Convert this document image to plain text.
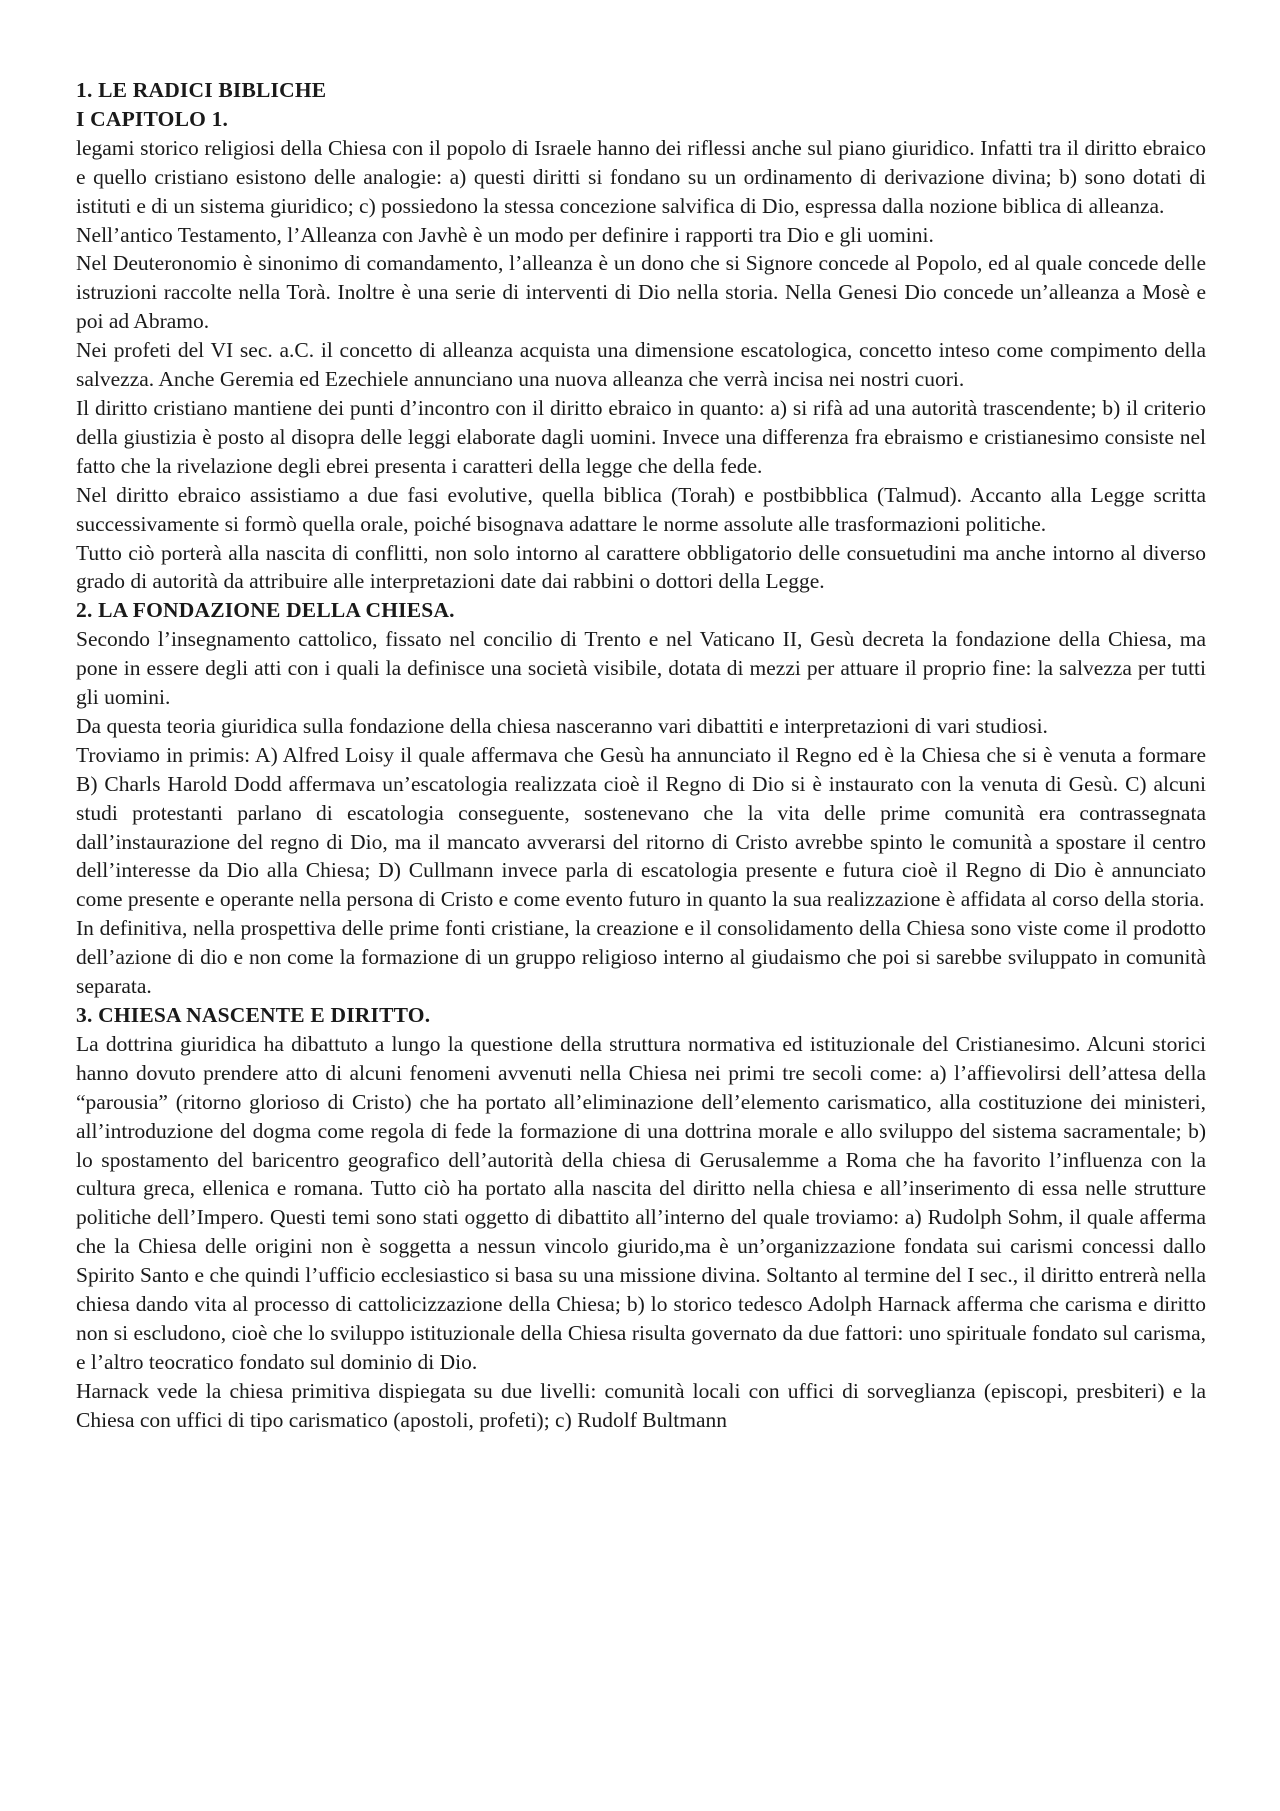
1. LE RADICI BIBLICHE
I CAPITOLO 1.

legami storico religiosi della Chiesa con il popolo di Israele hanno dei riflessi anche sul piano giuridico. Infatti tra il diritto ebraico e quello cristiano esistono delle analogie: a) questi diritti si fondano su un ordinamento di derivazione divina; b) sono dotati di istituti e di un sistema giuridico; c) possiedono la stessa concezione salvifica di Dio, espressa dalla nozione biblica di alleanza.

Nell’antico Testamento, l’Alleanza con Javhè è un modo per definire i rapporti tra Dio e gli uomini.

Nel Deuteronomio è sinonimo di comandamento, l’alleanza è un dono che si Signore concede al Popolo, ed al quale concede delle istruzioni raccolte nella Torà. Inoltre è una serie di interventi di Dio nella storia. Nella Genesi Dio concede un’alleanza a Mosè e poi ad Abramo.

Nei profeti del VI sec. a.C. il concetto di alleanza acquista una dimensione escatologica, concetto inteso come compimento della salvezza. Anche Geremia ed Ezechiele annunciano una nuova alleanza che verrà incisa nei nostri cuori.

Il diritto cristiano mantiene dei punti d’incontro con il diritto ebraico in quanto: a) si rifà ad una autorità trascendente; b) il criterio della giustizia è posto al disopra delle leggi elaborate dagli uomini. Invece una differenza fra ebraismo e cristianesimo consiste nel fatto che la rivelazione degli ebrei presenta i caratteri della legge che della fede.

Nel diritto ebraico assistiamo a due fasi evolutive, quella biblica (Torah) e postbibblica (Talmud). Accanto alla Legge scritta successivamente si formò quella orale, poiché bisognava adattare le norme assolute alle trasformazioni politiche.

Tutto ciò porterà alla nascita di conflitti, non solo intorno al carattere obbligatorio delle consuetudini ma anche intorno al diverso grado di autorità da attribuire alle interpretazioni date dai rabbini o dottori della Legge.

2. LA FONDAZIONE DELLA CHIESA.

Secondo l’insegnamento cattolico, fissato nel concilio di Trento e nel Vaticano II, Gesù decreta la fondazione della Chiesa, ma pone in essere degli atti con i quali la definisce una società visibile, dotata di mezzi per attuare il proprio fine: la salvezza per tutti gli uomini.

Da questa teoria giuridica sulla fondazione della chiesa nasceranno vari dibattiti e interpretazioni di vari studiosi.

Troviamo in primis: A) Alfred Loisy il quale affermava che Gesù ha annunciato il Regno ed è la Chiesa che si è venuta a formare B) Charls Harold Dodd affermava un’escatologia realizzata cioè il Regno di Dio si è instaurato con la venuta di Gesù. C) alcuni studi protestanti parlano di escatologia conseguente, sostenevano che la vita delle prime comunità era contrassegnata dall’instaurazione del regno di Dio, ma il mancato avverarsi del ritorno di Cristo avrebbe spinto le comunità a spostare il centro dell’interesse da Dio alla Chiesa; D) Cullmann invece parla di escatologia presente e futura cioè il Regno di Dio è annunciato come presente e operante nella persona di Cristo e come evento futuro in quanto la sua realizzazione è affidata al corso della storia.

In definitiva, nella prospettiva delle prime fonti cristiane, la creazione e il consolidamento della Chiesa sono viste come il prodotto dell’azione di dio e non come la formazione di un gruppo religioso interno al giudaismo che poi si sarebbe sviluppato in comunità separata.

3. CHIESA NASCENTE E DIRITTO.

La dottrina giuridica ha dibattuto a lungo la questione della struttura normativa ed istituzionale del Cristianesimo. Alcuni storici hanno dovuto prendere atto di alcuni fenomeni avvenuti nella Chiesa nei primi tre secoli come: a) l’affievolirsi dell’attesa della “parousia” (ritorno glorioso di Cristo) che ha portato all’eliminazione dell’elemento carismatico, alla costituzione dei ministeri, all’introduzione del dogma come regola di fede la formazione di una dottrina morale e allo sviluppo del sistema sacramentale; b) lo spostamento del baricentro geografico dell’autorità della chiesa di Gerusalemme a Roma che ha favorito l’influenza con la cultura greca, ellenica e romana. Tutto ciò ha portato alla nascita del diritto nella chiesa e all’inserimento di essa nelle strutture politiche dell’Impero. Questi temi sono stati oggetto di dibattito all’interno del quale troviamo: a) Rudolph Sohm, il quale afferma che la Chiesa delle origini non è soggetta a nessun vincolo giurido,ma è un’organizzazione fondata sui carismi concessi dallo Spirito Santo e che quindi l’ufficio ecclesiastico si basa su una missione divina. Soltanto al termine del I sec., il diritto entrerà nella chiesa dando vita al processo di cattolicizzazione della Chiesa; b) lo storico tedesco Adolph Harnack afferma che carisma e diritto non si escludono, cioè che lo sviluppo istituzionale della Chiesa risulta governato da due fattori: uno spirituale fondato sul carisma, e l’altro teocratico fondato sul dominio di Dio.

Harnack vede la chiesa primitiva dispiegata su due livelli: comunità locali con uffici di sorveglianza (episcopi, presbiteri) e la Chiesa con uffici di tipo carismatico (apostoli, profeti); c) Rudolf Bultmann
